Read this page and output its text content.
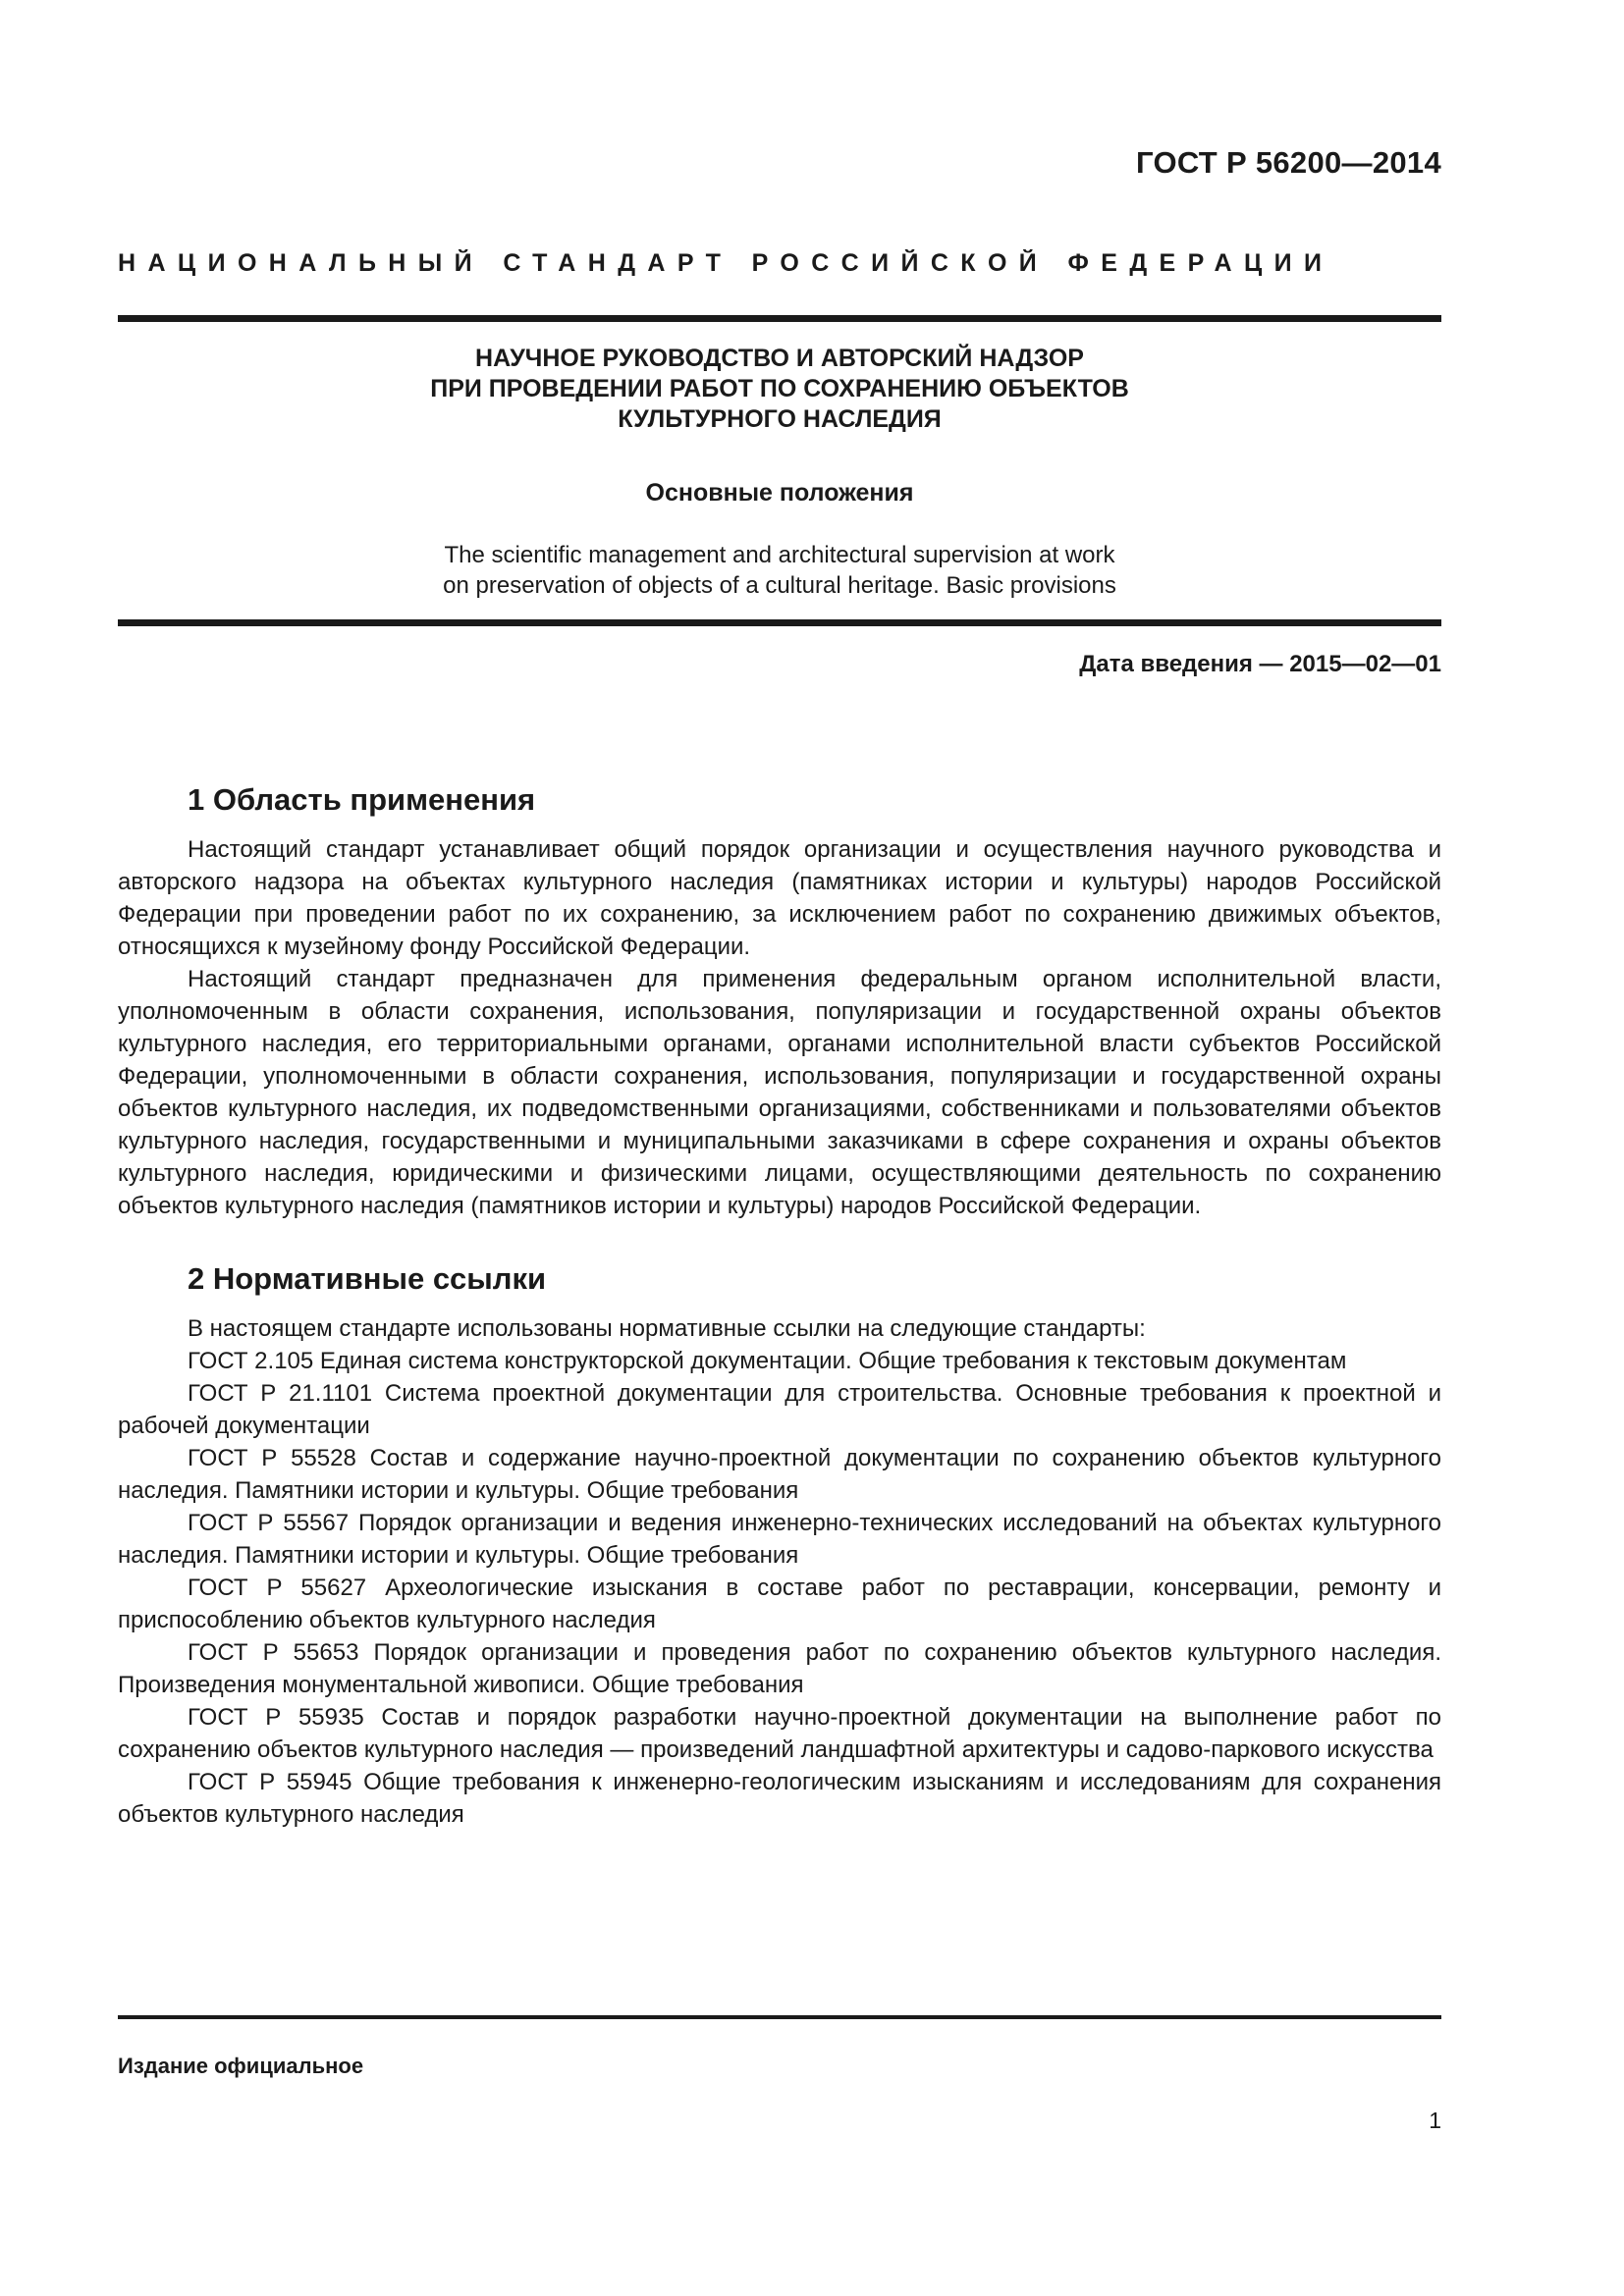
ГОСТ Р 56200—2014
НАЦИОНАЛЬНЫЙ СТАНДАРТ РОССИЙСКОЙ ФЕДЕРАЦИИ

НАУЧНОЕ РУКОВОДСТВО И АВТОРСКИЙ НАДЗОР

ПРИ ПРОВЕДЕНИИ РАБОТ ПО СОХРАНЕНИЮ ОБЪЕКТОВ

КУЛЬТУРНОГО НАСЛЕДИЯ

Основные положения

The scientific management and architectural supervision at work
on preservation of objects of a cultural heritage. Basic provisions
Дата введения — 2015—02—01
1 Область применения

Настоящий стандарт устанавливает общий порядок организации и осуществления научного руководства и авторского надзора на объектах культурного наследия (памятниках истории и культуры) народов Российской Федерации при проведении работ по их сохранению, за исключением работ по сохранению движимых объектов, относящихся к музейному фонду Российской Федерации.

Настоящий стандарт предназначен для применения федеральным органом исполнительной власти, уполномоченным в области сохранения, использования, популяризации и государственной охраны объектов культурного наследия, его территориальными органами, органами исполнительной власти субъектов Российской Федерации, уполномоченными в области сохранения, использования, популяризации и государственной охраны объектов культурного наследия, их подведомственными организациями, собственниками и пользователями объектов культурного наследия, государственными и муниципальными заказчиками в сфере сохранения и охраны объектов культурного наследия, юридическими и физическими лицами, осуществляющими деятельность по сохранению объектов культурного наследия (памятников истории и культуры) народов Российской Федерации.

2 Нормативные ссылки

В настоящем стандарте использованы нормативные ссылки на следующие стандарты:

ГОСТ 2.105 Единая система конструкторской документации. Общие требования к текстовым документам

ГОСТ Р 21.1101 Система проектной документации для строительства. Основные требования к проектной и рабочей документации

ГОСТ Р 55528 Состав и содержание научно-проектной документации по сохранению объектов культурного наследия. Памятники истории и культуры. Общие требования

ГОСТ Р 55567 Порядок организации и ведения инженерно-технических исследований на объектах культурного наследия. Памятники истории и культуры. Общие требования

ГОСТ Р 55627 Археологические изыскания в составе работ по реставрации, консервации, ремонту и приспособлению объектов культурного наследия

ГОСТ Р 55653 Порядок организации и проведения работ по сохранению объектов культурного наследия. Произведения монументальной живописи. Общие требования

ГОСТ Р 55935 Состав и порядок разработки научно-проектной документации на выполнение работ по сохранению объектов культурного наследия — произведений ландшафтной архитектуры и садово-паркового искусства

ГОСТ Р 55945 Общие требования к инженерно-геологическим изысканиям и исследованиям для сохранения объектов культурного наследия

Издание официальное
1
